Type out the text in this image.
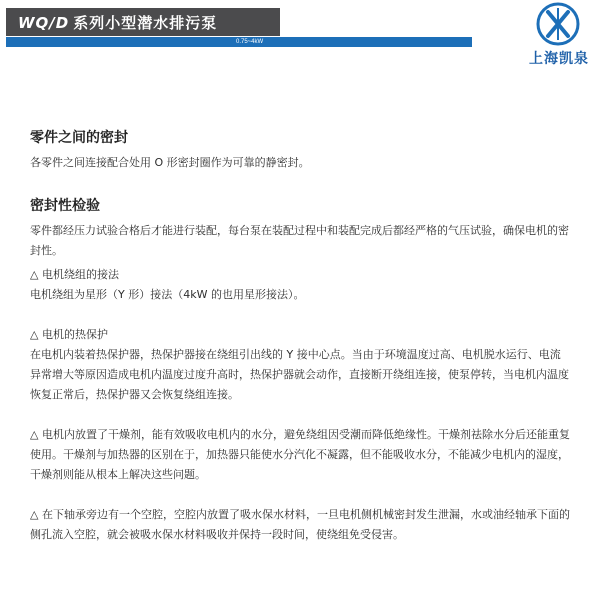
WQ/D 系列小型潜水排污泵
0.75~4kW
上海凯泉
零件之间的密封

各零件之间连接配合处用 O 形密封圈作为可靠的静密封。

密封性检验

零件都经压力试验合格后才能进行装配，每台泵在装配过程中和装配完成后都经严格的气压试验，确保电机的密封性。

△ 电机绕组的接法

电机绕组为星形（Y 形）接法（4kW 的也用星形接法）。

△ 电机的热保护

在电机内装着热保护器，热保护器接在绕组引出线的 Y 接中心点。当由于环境温度过高、电机脱水运行、电流异常增大等原因造成电机内温度过度升高时，热保护器就会动作，直接断开绕组连接，使泵停转，当电机内温度恢复正常后，热保护器又会恢复绕组连接。

△ 电机内放置了干燥剂，能有效吸收电机内的水分，避免绕组因受潮而降低绝缘性。干燥剂祛除水分后还能重复使用。干燥剂与加热器的区别在于，加热器只能使水分汽化不凝露，但不能吸收水分，不能减少电机内的湿度，干燥剂则能从根本上解决这些问题。

△ 在下轴承旁边有一个空腔，空腔内放置了吸水保水材料，一旦电机侧机械密封发生泄漏，水或油经轴承下面的侧孔流入空腔，就会被吸水保水材料吸收并保持一段时间，使绕组免受侵害。
